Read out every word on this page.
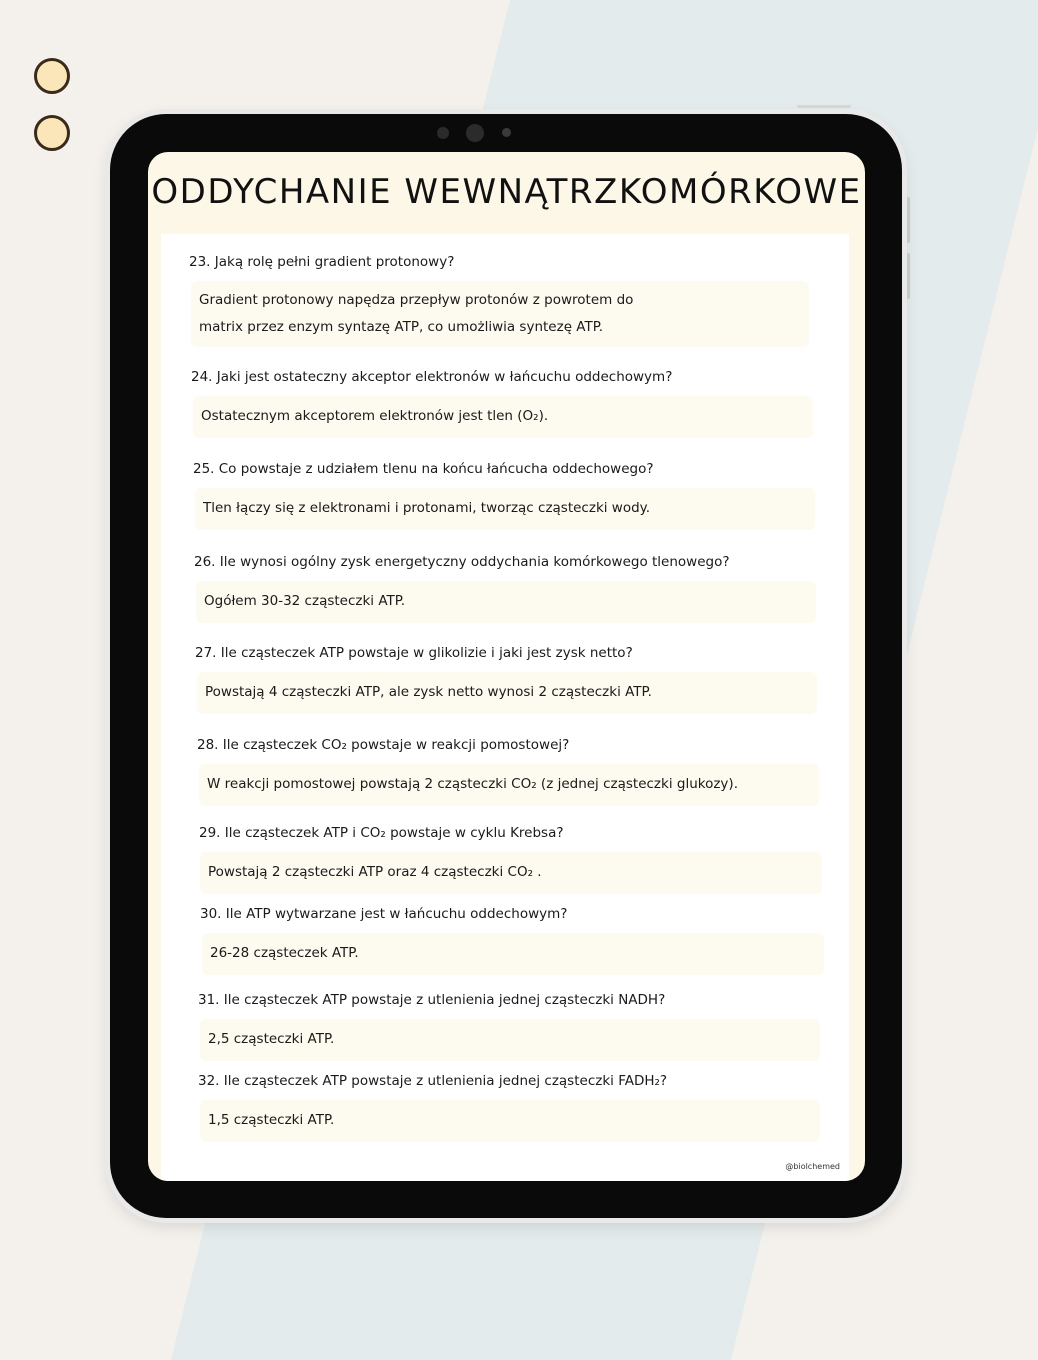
ODDYCHANIE WEWNĄTRZKOMÓRKOWE
23. Jaką rolę pełni gradient protonowy?
Gradient protonowy napędza przepływ protonów z powrotem do
matrix przez enzym syntazę ATP, co umożliwia syntezę ATP.
24. Jaki jest ostateczny akceptor elektronów w łańcuchu oddechowym?
Ostatecznym akceptorem elektronów jest tlen (O₂).
25. Co powstaje z udziałem tlenu na końcu łańcucha oddechowego?
Tlen łączy się z elektronami i protonami, tworząc cząsteczki wody.
26. Ile wynosi ogólny zysk energetyczny oddychania komórkowego tlenowego?
Ogółem 30-32 cząsteczki ATP.
27. Ile cząsteczek ATP powstaje w glikolizie i jaki jest zysk netto?
Powstają 4 cząsteczki ATP, ale zysk netto wynosi 2 cząsteczki ATP.
28. Ile cząsteczek CO₂ powstaje w reakcji pomostowej?
W reakcji pomostowej powstają 2 cząsteczki CO₂ (z jednej cząsteczki glukozy).
29. Ile cząsteczek ATP i CO₂ powstaje w cyklu Krebsa?
Powstają 2 cząsteczki ATP oraz 4 cząsteczki CO₂ .
30. Ile ATP wytwarzane jest w łańcuchu oddechowym?
26-28 cząsteczek ATP.
31. Ile cząsteczek ATP powstaje z utlenienia jednej cząsteczki NADH?
2,5 cząsteczki ATP.
32. Ile cząsteczek ATP powstaje z utlenienia jednej cząsteczki FADH₂?
1,5 cząsteczki ATP.
@biolchemed
